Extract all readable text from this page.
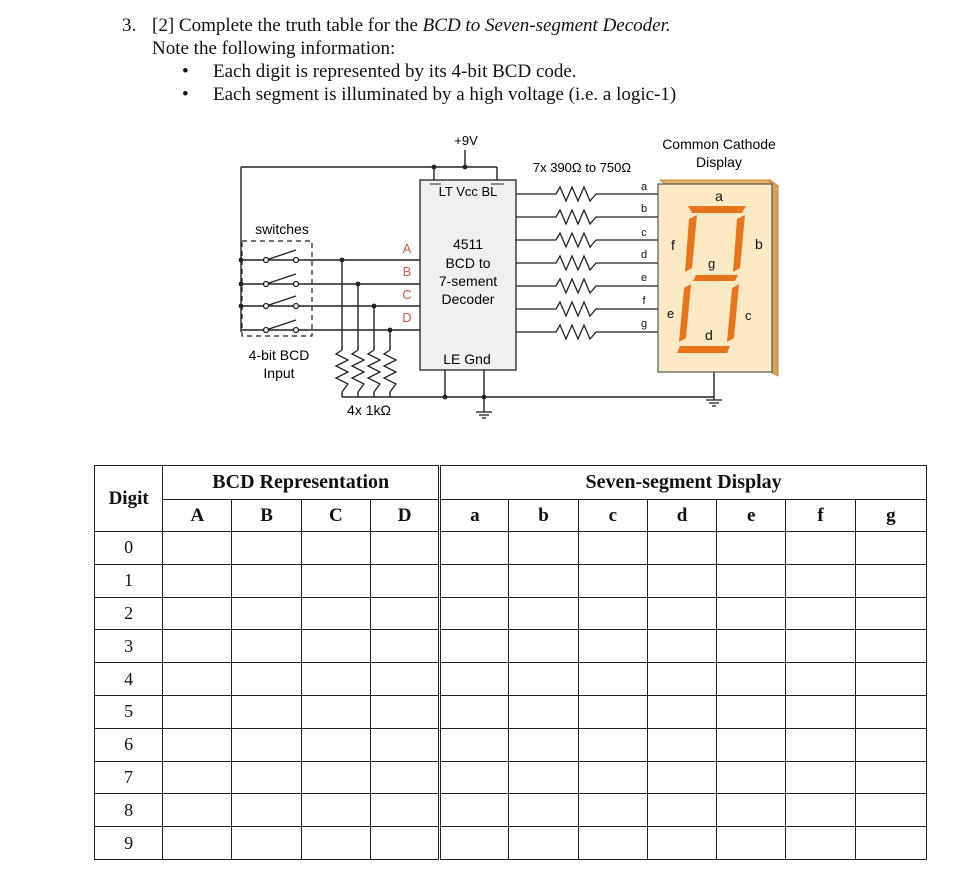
3. [2] Complete the truth table for the BCD to Seven-segment Decoder.
Note the following information:
• Each digit is represented by its 4-bit BCD code.
• Each segment is illuminated by a high voltage (i.e. a logic-1)
LT Vcc BL
4511
BCD to
7-sement
Decoder
LE Gnd
A
B
C
D
a
b
c
d
e
f
g
a
b
c
d
e
f
g
+9V
7x 390Ω to 750Ω
Common Cathode
Display
switches
4-bit BCD
Input
4x 1kΩ
Digit	BCD Representation				Seven-segment Display						
	A	B	C	D	a	b	c	d	e	f	g
0											
1											
2											
3											
4											
5											
6											
7											
8											
9											
